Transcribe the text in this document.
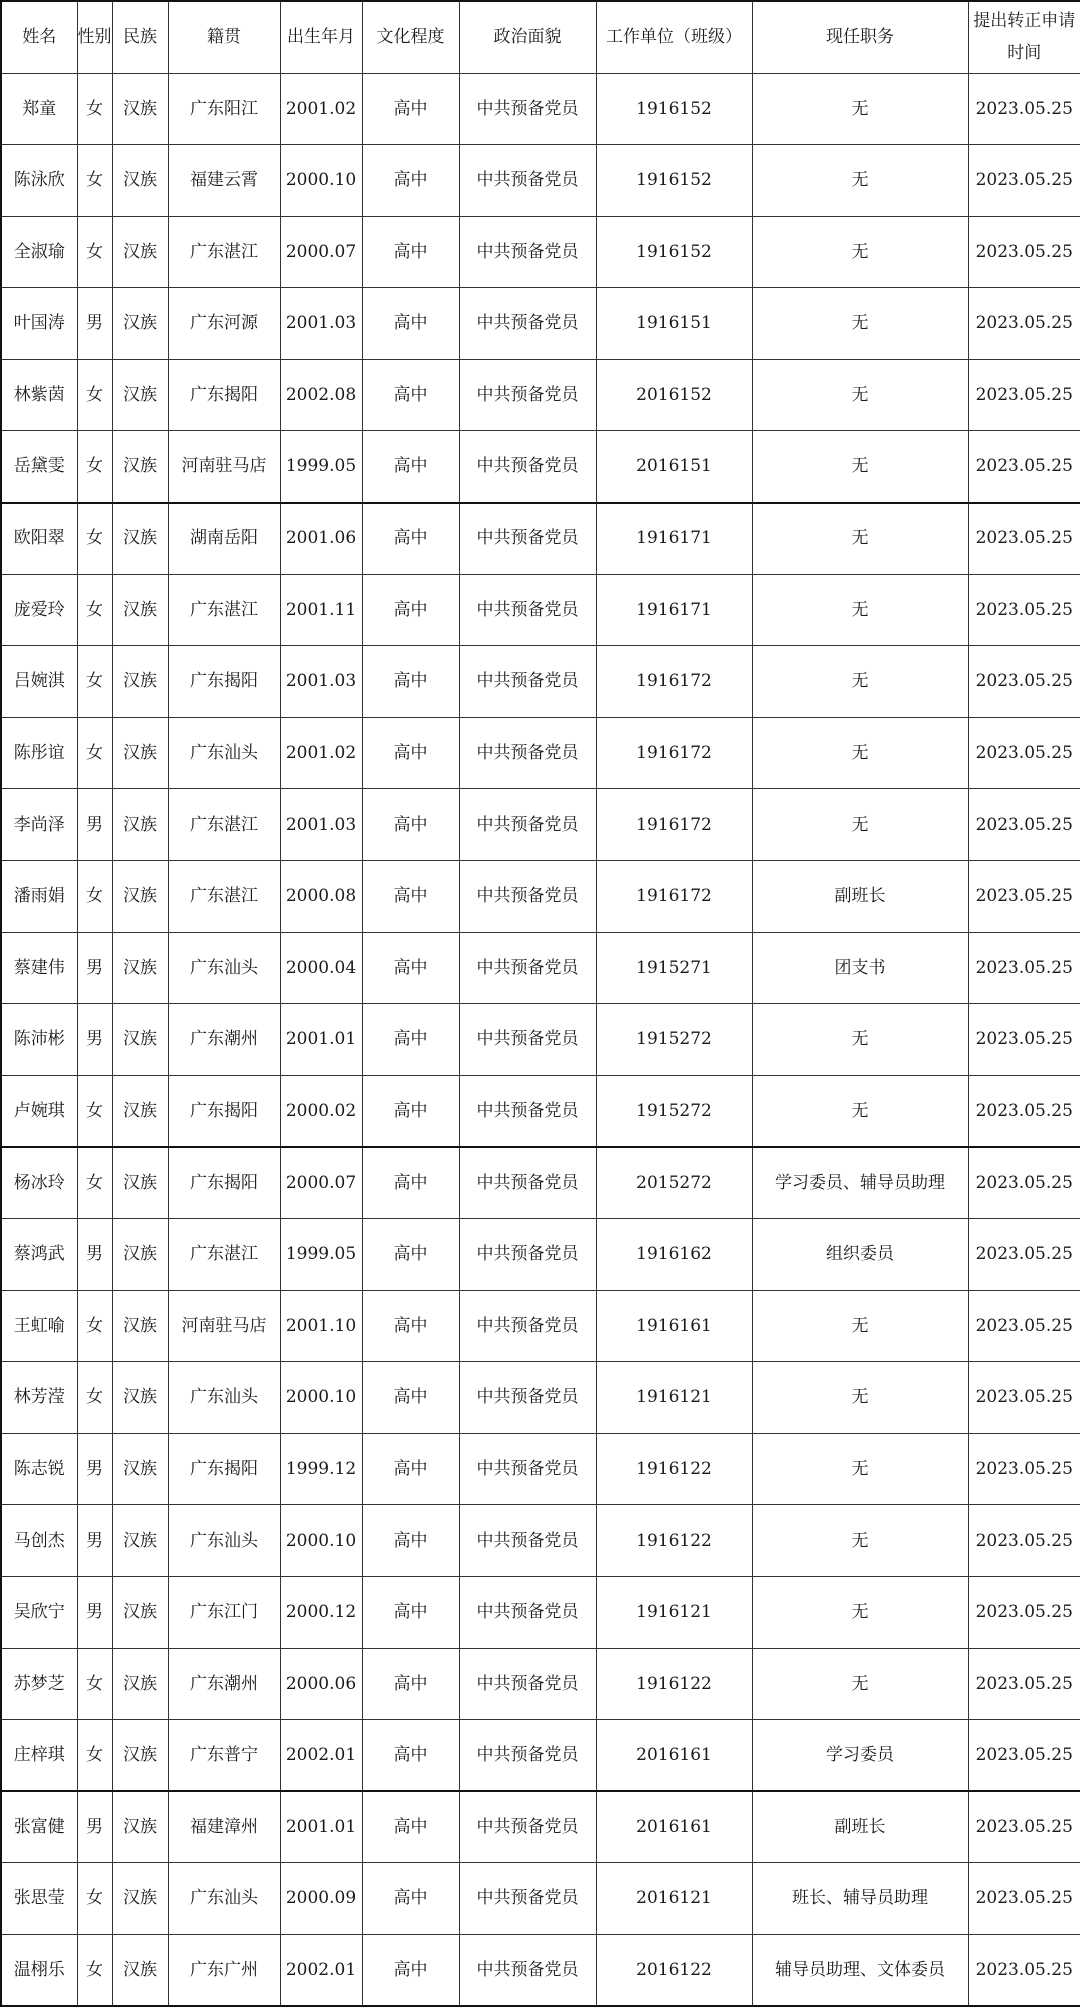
姓名	性别	民族	籍贯	出生年月	文化程度	政治面貌	工作单位（班级）	现任职务	提出转正申请时间
郑童	女	汉族	广东阳江	2001.02	高中	中共预备党员	1916152	无	2023.05.25
陈泳欣	女	汉族	福建云霄	2000.10	高中	中共预备党员	1916152	无	2023.05.25
全淑瑜	女	汉族	广东湛江	2000.07	高中	中共预备党员	1916152	无	2023.05.25
叶国涛	男	汉族	广东河源	2001.03	高中	中共预备党员	1916151	无	2023.05.25
林紫茵	女	汉族	广东揭阳	2002.08	高中	中共预备党员	2016152	无	2023.05.25
岳黛雯	女	汉族	河南驻马店	1999.05	高中	中共预备党员	2016151	无	2023.05.25
欧阳翠	女	汉族	湖南岳阳	2001.06	高中	中共预备党员	1916171	无	2023.05.25
庞爱玲	女	汉族	广东湛江	2001.11	高中	中共预备党员	1916171	无	2023.05.25
吕婉淇	女	汉族	广东揭阳	2001.03	高中	中共预备党员	1916172	无	2023.05.25
陈彤谊	女	汉族	广东汕头	2001.02	高中	中共预备党员	1916172	无	2023.05.25
李尚泽	男	汉族	广东湛江	2001.03	高中	中共预备党员	1916172	无	2023.05.25
潘雨娟	女	汉族	广东湛江	2000.08	高中	中共预备党员	1916172	副班长	2023.05.25
蔡建伟	男	汉族	广东汕头	2000.04	高中	中共预备党员	1915271	团支书	2023.05.25
陈沛彬	男	汉族	广东潮州	2001.01	高中	中共预备党员	1915272	无	2023.05.25
卢婉琪	女	汉族	广东揭阳	2000.02	高中	中共预备党员	1915272	无	2023.05.25
杨冰玲	女	汉族	广东揭阳	2000.07	高中	中共预备党员	2015272	学习委员、辅导员助理	2023.05.25
蔡鸿武	男	汉族	广东湛江	1999.05	高中	中共预备党员	1916162	组织委员	2023.05.25
王虹喻	女	汉族	河南驻马店	2001.10	高中	中共预备党员	1916161	无	2023.05.25
林芳滢	女	汉族	广东汕头	2000.10	高中	中共预备党员	1916121	无	2023.05.25
陈志锐	男	汉族	广东揭阳	1999.12	高中	中共预备党员	1916122	无	2023.05.25
马创杰	男	汉族	广东汕头	2000.10	高中	中共预备党员	1916122	无	2023.05.25
吴欣宁	男	汉族	广东江门	2000.12	高中	中共预备党员	1916121	无	2023.05.25
苏梦芝	女	汉族	广东潮州	2000.06	高中	中共预备党员	1916122	无	2023.05.25
庄梓琪	女	汉族	广东普宁	2002.01	高中	中共预备党员	2016161	学习委员	2023.05.25
张富健	男	汉族	福建漳州	2001.01	高中	中共预备党员	2016161	副班长	2023.05.25
张思莹	女	汉族	广东汕头	2000.09	高中	中共预备党员	2016121	班长、辅导员助理	2023.05.25
温栩乐	女	汉族	广东广州	2002.01	高中	中共预备党员	2016122	辅导员助理、文体委员	2023.05.25
